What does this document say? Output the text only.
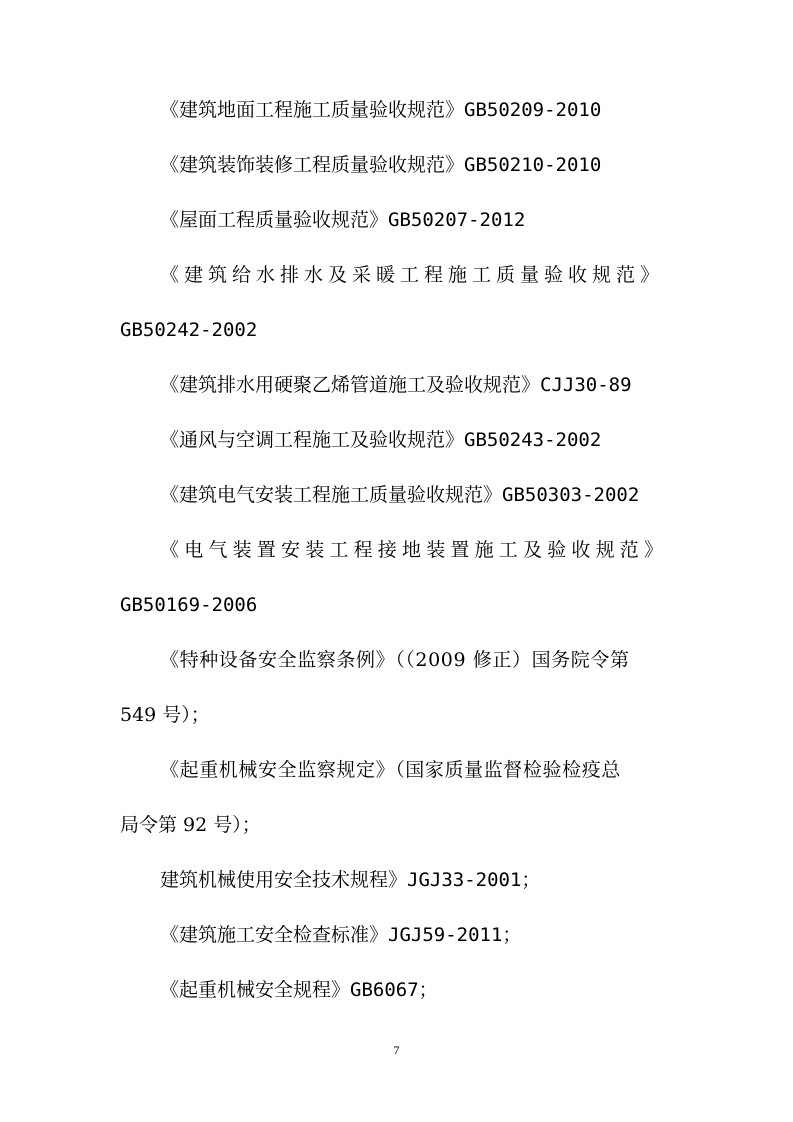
《建筑地面工程施工质量验收规范》GB50209-2010

《建筑装饰装修工程质量验收规范》GB50210-2010

《屋面工程质量验收规范》GB50207-2012

《建筑给水排水及采暖工程施工质量验收规范》

GB50242-2002

《建筑排水用硬聚乙烯管道施工及验收规范》CJJ30-89

《通风与空调工程施工及验收规范》GB50243-2002

《建筑电气安装工程施工质量验收规范》GB50303-2002

《电气装置安装工程接地装置施工及验收规范》

GB50169-2006

《特种设备安全监察条例》（（2009 修正）国务院令第

549 号）；

《起重机械安全监察规定》（国家质量监督检验检疫总

局令第 92 号）；

建筑机械使用安全技术规程》JGJ33-2001；

《建筑施工安全检查标准》JGJ59-2011；

《起重机械安全规程》GB6067；

7
